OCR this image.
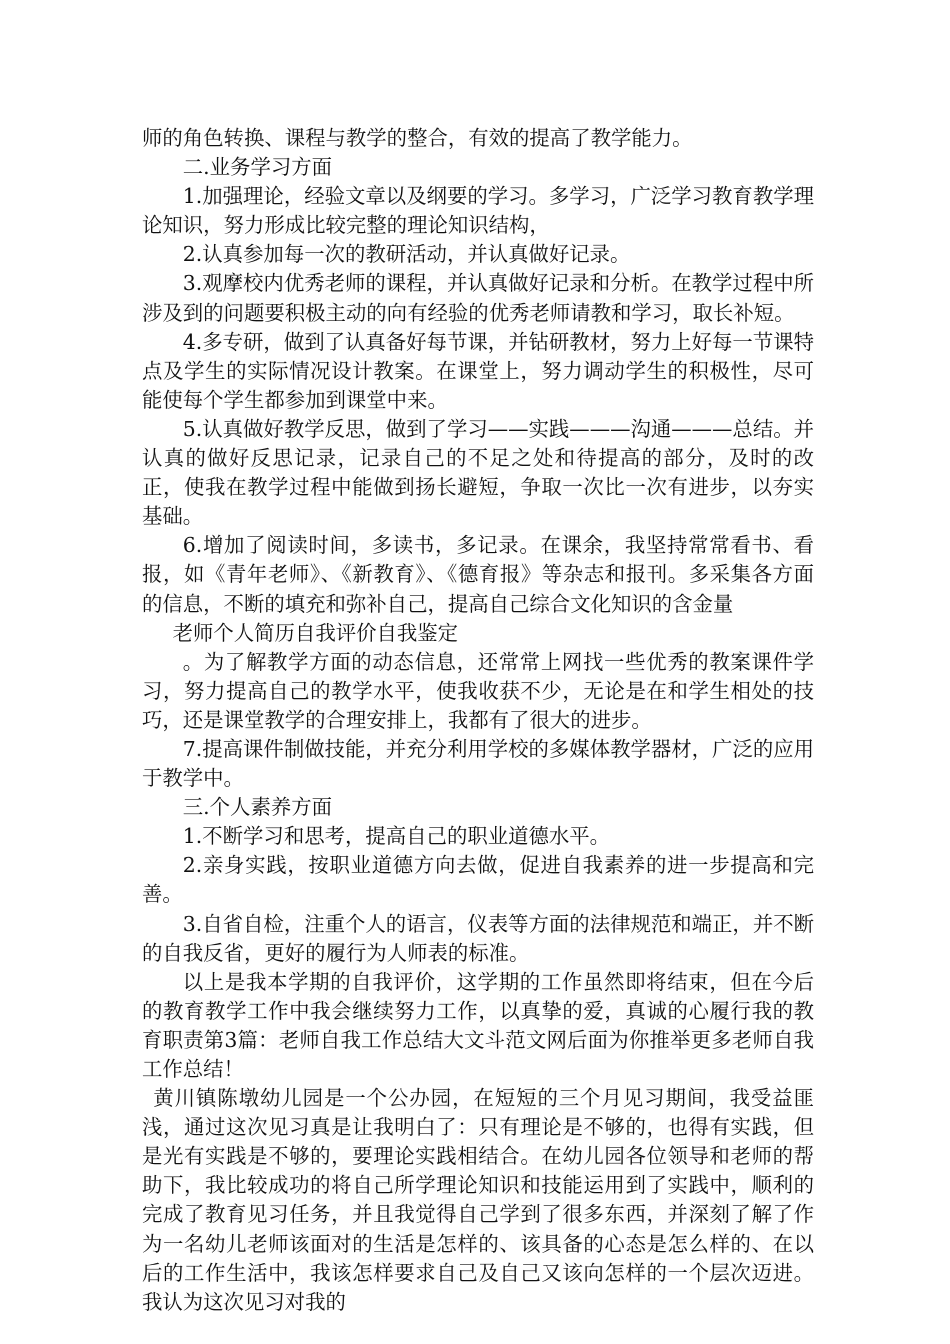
师的角色转换、课程与教学的整合，有效的提高了教学能力。

二.业务学习方面

1.加强理论，经验文章以及纲要的学习。多学习，广泛学习教育教学理论知识，努力形成比较完整的理论知识结构，

2.认真参加每一次的教研活动，并认真做好记录。

3.观摩校内优秀老师的课程，并认真做好记录和分析。在教学过程中所涉及到的问题要积极主动的向有经验的优秀老师请教和学习，取长补短。

4.多专研，做到了认真备好每节课，并钻研教材，努力上好每一节课特点及学生的实际情况设计教案。在课堂上，努力调动学生的积极性，尽可能使每个学生都参加到课堂中来。

5.认真做好教学反思，做到了学习——实践———沟通———总结。并认真的做好反思记录，记录自己的不足之处和待提高的部分，及时的改正，使我在教学过程中能做到扬长避短，争取一次比一次有进步，以夯实基础。

6.增加了阅读时间，多读书，多记录。在课余，我坚持常常看书、看报，如《青年老师》、《新教育》、《德育报》等杂志和报刊。多采集各方面的信息，不断的填充和弥补自己，提高自己综合文化知识的含金量

老师个人简历自我评价自我鉴定

。为了解教学方面的动态信息，还常常上网找一些优秀的教案课件学习，努力提高自己的教学水平，使我收获不少，无论是在和学生相处的技巧，还是课堂教学的合理安排上，我都有了很大的进步。

7.提高课件制做技能，并充分利用学校的多媒体教学器材，广泛的应用于教学中。

三.个人素养方面

1.不断学习和思考，提高自己的职业道德水平。

2.亲身实践，按职业道德方向去做，促进自我素养的进一步提高和完善。

3.自省自检，注重个人的语言，仪表等方面的法律规范和端正，并不断的自我反省，更好的履行为人师表的标准。

以上是我本学期的自我评价，这学期的工作虽然即将结束，但在今后的教育教学工作中我会继续努力工作，以真挚的爱，真诚的心履行我的教育职责第3篇：老师自我工作总结大文斗范文网后面为你推举更多老师自我工作总结！

黄川镇陈墩幼儿园是一个公办园，在短短的三个月见习期间，我受益匪浅，通过这次见习真是让我明白了：只有理论是不够的，也得有实践，但是光有实践是不够的，要理论实践相结合。在幼儿园各位领导和老师的帮助下，我比较成功的将自己所学理论知识和技能运用到了实践中，顺利的完成了教育见习任务，并且我觉得自己学到了很多东西，并深刻了解了作为一名幼儿老师该面对的生活是怎样的、该具备的心态是怎么样的、在以后的工作生活中，我该怎样要求自己及自己又该向怎样的一个层次迈进。我认为这次见习对我的
